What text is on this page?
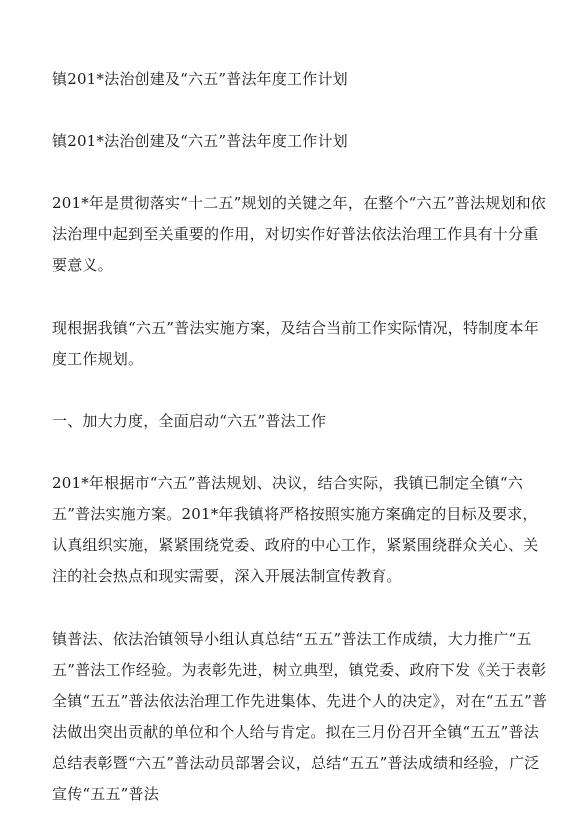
镇201*法治创建及“六五”普法年度工作计划

镇201*法治创建及“六五”普法年度工作计划

201*年是贯彻落实“十二五”规划的关键之年，在整个“六五”普法规划和依法治理中起到至关重要的作用，对切实作好普法依法治理工作具有十分重要意义。

现根据我镇“六五”普法实施方案，及结合当前工作实际情况，特制度本年度工作规划。

一、加大力度，全面启动“六五”普法工作

201*年根据市“六五”普法规划、决议，结合实际，我镇已制定全镇“六五”普法实施方案。201*年我镇将严格按照实施方案确定的目标及要求，认真组织实施，紧紧围绕党委、政府的中心工作，紧紧围绕群众关心、关注的社会热点和现实需要，深入开展法制宣传教育。

镇普法、依法治镇领导小组认真总结“五五”普法工作成绩，大力推广“五五”普法工作经验。为表彰先进，树立典型，镇党委、政府下发《关于表彰全镇“五五”普法依法治理工作先进集体、先进个人的决定》，对在“五五”普法做出突出贡献的单位和个人给与肯定。拟在三月份召开全镇“五五”普法总结表彰暨“六五”普法动员部署会议，总结“五五”普法成绩和经验，广泛宣传“五五”普法
